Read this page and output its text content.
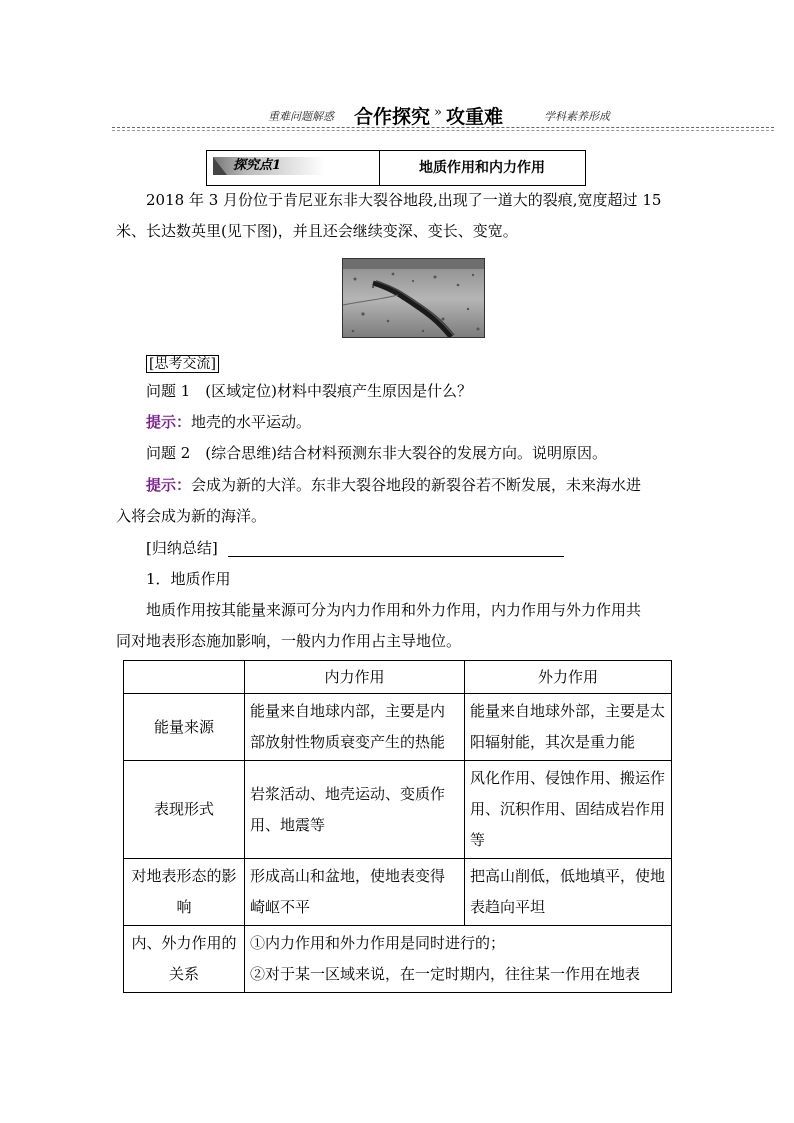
重难问题解惑 合作探究 » 攻重难	学科素养形成
探究点1	地质作用和内力作用
2018 年 3 月份位于肯尼亚东非大裂谷地段,出现了一道大的裂痕,宽度超过 15 米、长达数英里(见下图)，并且还会继续变深、变长、变宽。
[思考交流]
问题 1　(区域定位)材料中裂痕产生原因是什么？
提示：地壳的水平运动。
问题 2　(综合思维)结合材料预测东非大裂谷的发展方向。说明原因。
提示：会成为新的大洋。东非大裂谷地段的新裂谷若不断发展，未来海水进
入将会成为新的海洋。
[归纳总结]
1．地质作用
地质作用按其能量来源可分为内力作用和外力作用，内力作用与外力作用共
同对地表形态施加影响，一般内力作用占主导地位。
	内力作用	外力作用
能量来源	能量来自地球内部，主要是内部放射性物质衰变产生的热能	能量来自地球外部，主要是太阳辐射能，其次是重力能
表现形式	岩浆活动、地壳运动、变质作用、地震等	风化作用、侵蚀作用、搬运作用、沉积作用、固结成岩作用等
对地表形态的影响	形成高山和盆地，使地表变得崎岖不平	把高山削低，低地填平，使地表趋向平坦
内、外力作用的关系	①内力作用和外力作用是同时进行的；
②对于某一区域来说，在一定时期内，往往某一作用在地表	
